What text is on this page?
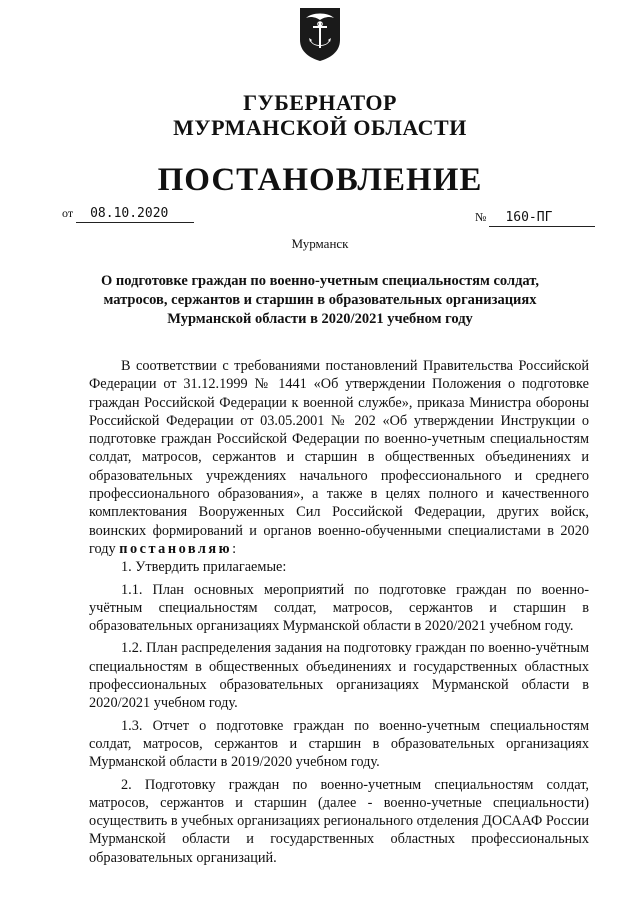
ГУБЕРНАТОР
МУРМАНСКОЙ ОБЛАСТИ
ПОСТАНОВЛЕНИЕ
от 08.10.2020	№ 160-ПГ
Мурманск
О подготовке граждан по военно-учетным специальностям солдат, матросов, сержантов и старшин в образовательных организациях Мурманской области в 2020/2021 учебном году

В соответствии с требованиями постановлений Правительства Российской Федерации от 31.12.1999 № 1441 «Об утверждении Положения о подготовке граждан Российской Федерации к военной службе», приказа Министра обороны Российской Федерации от 03.05.2001 № 202 «Об утверждении Инструкции о подготовке граждан Российской Федерации по военно-учетным специальностям солдат, матросов, сержантов и старшин в общественных объединениях и образовательных учреждениях начального профессионального и среднего профессионального образования», а также в целях полного и качественного комплектования Вооруженных Сил Российской Федерации, других войск, воинских формирований и органов военно-обученными специалистами в 2020 году постановляю:

1. Утвердить прилагаемые:

1.1. План основных мероприятий по подготовке граждан по военно-учётным специальностям солдат, матросов, сержантов и старшин в образовательных организациях Мурманской области в 2020/2021 учебном году.

1.2. План распределения задания на подготовку граждан по военно-учётным специальностям в общественных объединениях и государственных областных профессиональных образовательных организациях Мурманской области в 2020/2021 учебном году.

1.3. Отчет о подготовке граждан по военно-учетным специальностям солдат, матросов, сержантов и старшин в образовательных организациях Мурманской области в 2019/2020 учебном году.

2. Подготовку граждан по военно-учетным специальностям солдат, матросов, сержантов и старшин (далее - военно-учетные специальности) осуществить в учебных организациях регионального отделения ДОСААФ России Мурманской области и государственных областных профессиональных образовательных организаций.
